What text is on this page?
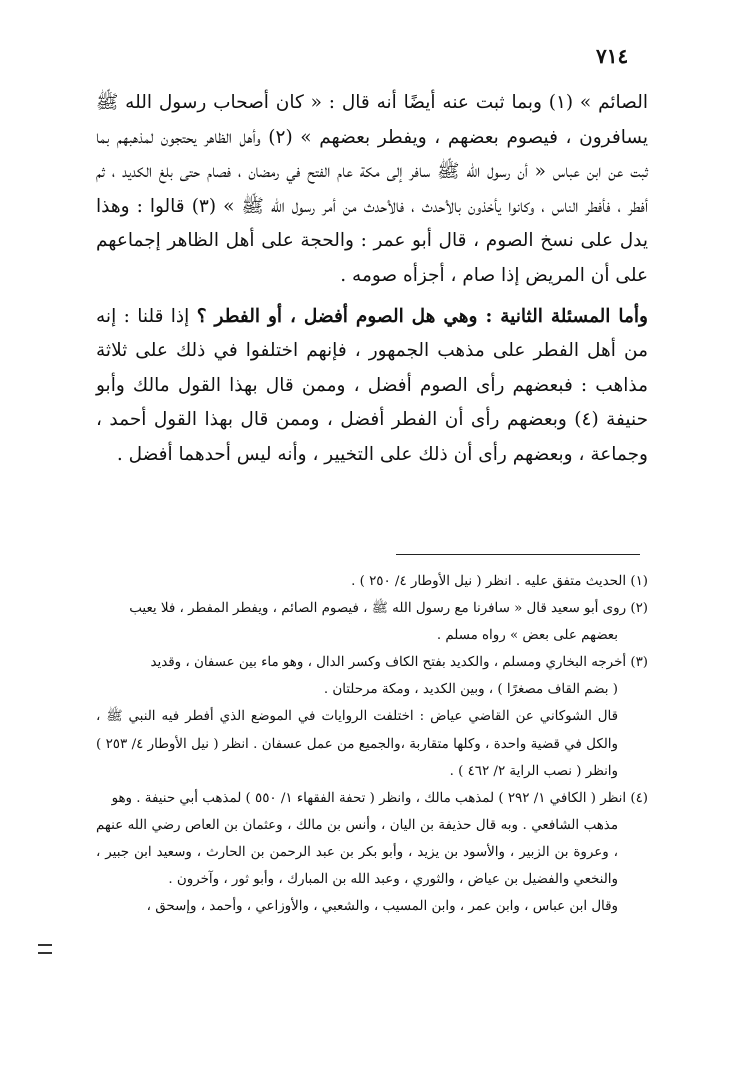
٧١٤

الصائم » (١) وبما ثبت عنه أيضًا أنه قال : « كان أصحاب رسول الله ﷺ يسافرون ، فيصوم بعضهم ، ويفطر بعضهم » (٢) وأهل الظاهر يحتجون لمذهبهم بما ثبت عن ابن عباس « أن رسول الله ﷺ سافر إلى مكة عام الفتح في رمضان ، فصام حتى بلغ الكديد ، ثم أفطر ، فأفطر الناس ، وكانوا يأخذون بالأحدث ، فالأحدث من أمر رسول الله ﷺ » (٣) قالوا : وهذا يدل على نسخ الصوم ، قال أبو عمر : والحجة على أهل الظاهر إجماعهم على أن المريض إذا صام ، أجزأه صومه .

وأما المسئلة الثانية : وهي هل الصوم أفضل ، أو الفطر ؟ إذا قلنا : إنه من أهل الفطر على مذهب الجمهور ، فإنهم اختلفوا في ذلك على ثلاثة مذاهب : فبعضهم رأى الصوم أفضل ، وممن قال بهذا القول مالك وأبو حنيفة (٤) وبعضهم رأى أن الفطر أفضل ، وممن قال بهذا القول أحمد ، وجماعة ، وبعضهم رأى أن ذلك على التخيير ، وأنه ليس أحدهما أفضل .

(١) الحديث متفق عليه . انظر ( نيل الأوطار ٤/ ٢٥٠ ) .

(٢) روى أبو سعيد قال « سافرنا مع رسول الله ﷺ ، فيصوم الصائم ، ويفطر المفطر ، فلا يعيب
بعضهم على بعض » رواه مسلم .

(٣) أخرجه البخاري ومسلم ، والكديد بفتح الكاف وكسر الدال ، وهو ماء بين عسفان ، وقديد
( بضم القاف مصغرًا ) ، وبين الكديد ، ومكة مرحلتان .

قال الشوكاني عن القاضي عياض : اختلفت الروايات في الموضع الذي أفطر فيه النبي ﷺ ، والكل في قضية واحدة ، وكلها متقاربة ،والجميع من عمل عسفان . انظر ( نيل الأوطار ٤/ ٢٥٣ ) وانظر ( نصب الراية ٢/ ٤٦٢ ) .

(٤) انظر ( الكافي ١/ ٢٩٢ ) لمذهب مالك ، وانظر ( تحفة الفقهاء ١/ ٥٥٠ ) لمذهب أبي حنيفة . وهو
مذهب الشافعي . وبه قال حذيفة بن اليان ، وأنس بن مالك ، وعثمان بن العاص رضي الله عنهم ، وعروة بن الزبير ، والأسود بن يزيد ، وأبو بكر بن عبد الرحمن بن الحارث ، وسعيد ابن جبير ، والنخعي والفضيل بن عياض ، والثوري ، وعبد الله بن المبارك ، وأبو ثور ، وآخرون .

وقال ابن عباس ، وابن عمر ، وابن المسيب ، والشعبي ، والأوزاعي ، وأحمد ، وإسحق ،
